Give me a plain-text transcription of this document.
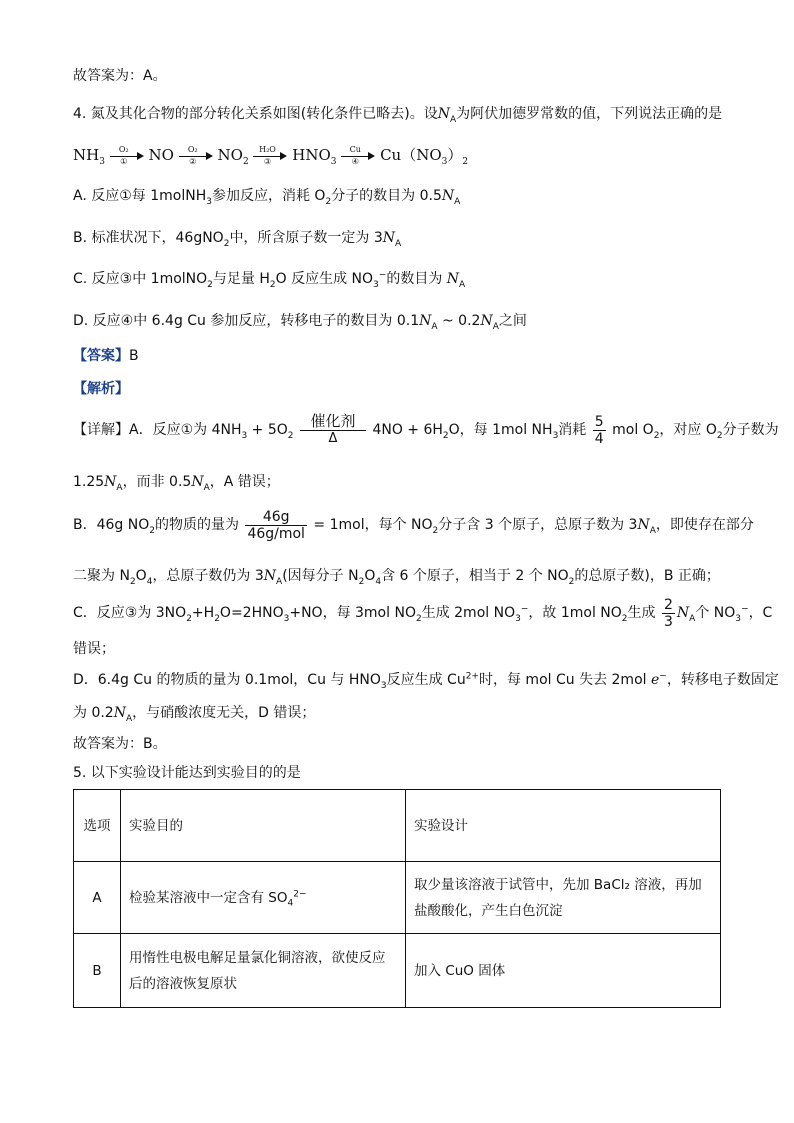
故答案为：A。
4. 氮及其化合物的部分转化关系如图(转化条件已略去)。设$N_A$为阿伏加德罗常数的值，下列说法正确的是
$NH_3$
O₂
①	NO	O₂
②	$NO_2$
H₂O
③	$HNO_3$
Cu
④	$Cu(NO_3)_2$
A. 反应①每 1molNH$_3$参加反应，消耗 $O_2$分子的数目为 $0.5N_A$
B. 标准状况下，46gNO$_2$中，所含原子数一定为 $3N_A$
C. 反应③中 1molNO$_2$与足量 $H_2O$ 反应生成 $NO_3^-$的数目为 $N_A$
D. 反应④中 6.4g Cu 参加反应，转移电子的数目为 $0.1N_A$ ~ $0.2N_A$之间
【答案】B
【解析】
【详解】A．反应①为 $4NH_3 + 5O_2$
催化剂
Δ
$4NO + 6H_2O$，每 1mol $NH_3$消耗 $\frac{5}{4}$ mol $O_2$，对应 $O_2$分子数为
$1.25N_A$，而非 $0.5N_A$，A 错误；
B．46g $NO_2$的物质的量为 $\frac{46g}{\text{46g/mol}} = 1mol$，每个 $NO_2$分子含 3 个原子，总原子数为 $3N_A$，即使存在部分
二聚为 $N_2O_4$，总原子数仍为 $3N_A$(因每分子 $N_2O_4$含 6 个原子，相当于 2 个 $NO_2$的总原子数)，B 正确；
C．反应③为 $3NO_2+H_2O=2HNO_3+NO$，每 3mol $NO_2$生成 2mol $NO_3^-$，故 1mol $NO_2$生成 $\frac{2}{3} N_A$个 $NO_3^-$，C
错误；
D．6.4g Cu 的物质的量为 0.1mol，Cu 与 $HNO_3$反应生成 $Cu^{2+}$时，每 mol Cu 失去 2mol e−，转移电子数固定
为 $0.2N_A$，与硝酸浓度无关，D 错误；
故答案为：B。
5. 以下实验设计能达到实验目的的是
选项	实验目的	实验设计
A	检验某溶液中一定含有 $SO_4^{2-}$	取少量该溶液于试管中，先加 BaCl₂ 溶液，再加盐酸酸化，产生白色沉淀
B	用惰性电极电解足量氯化铜溶液，欲使反应后的溶液恢复原状	加入 CuO 固体
